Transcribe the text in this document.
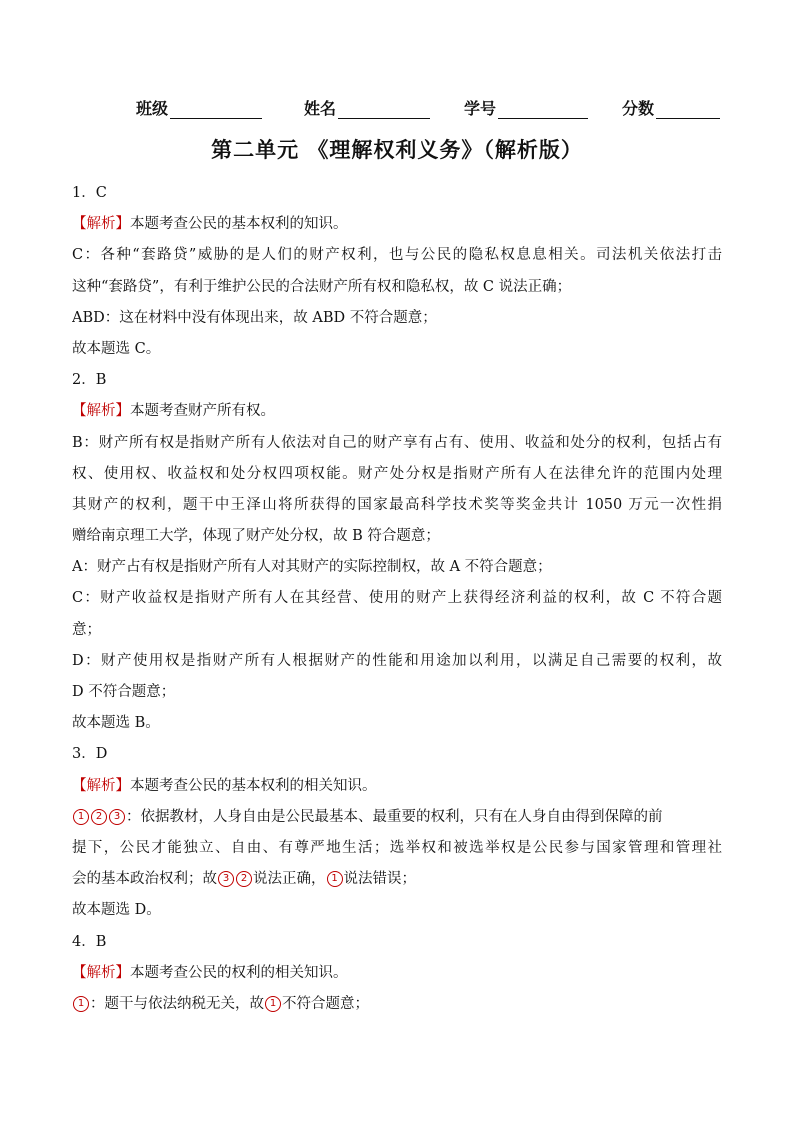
班级	姓名	学号	分数
第二单元 《理解权利义务》（解析版）
1．C
【解析】本题考查公民的基本权利的知识。
C：各种“套路贷”威胁的是人们的财产权利，也与公民的隐私权息息相关。司法机关依法打击
这种“套路贷”，有利于维护公民的合法财产所有权和隐私权，故 C 说法正确；
ABD：这在材料中没有体现出来，故 ABD 不符合题意；
故本题选 C。
2．B
【解析】本题考查财产所有权。
B：财产所有权是指财产所有人依法对自己的财产享有占有、使用、收益和处分的权利，包括占有
权、使用权、收益权和处分权四项权能。财产处分权是指财产所有人在法律允许的范围内处理
其财产的权利，题干中王泽山将所获得的国家最高科学技术奖等奖金共计 1050 万元一次性捐
赠给南京理工大学，体现了财产处分权，故 B 符合题意；
A：财产占有权是指财产所有人对其财产的实际控制权，故 A 不符合题意；
C：财产收益权是指财产所有人在其经营、使用的财产上获得经济利益的权利，故 C 不符合题
意；
D：财产使用权是指财产所有人根据财产的性能和用途加以利用，以满足自己需要的权利，故
D 不符合题意；
故本题选 B。
3．D
【解析】本题考查公民的基本权利的相关知识。
1 2 3 ：依据教材，人身自由是公民最基本、最重要的权利，只有在人身自由得到保障的前
提下，公民才能独立、自由、有尊严地生活；选举权和被选举权是公民参与国家管理和管理社
会的基本政治权利；故 3 2 说法正确， 1 说法错误；
故本题选 D。
4．B
【解析】本题考查公民的权利的相关知识。
1 ：题干与依法纳税无关，故 1 不符合题意；
